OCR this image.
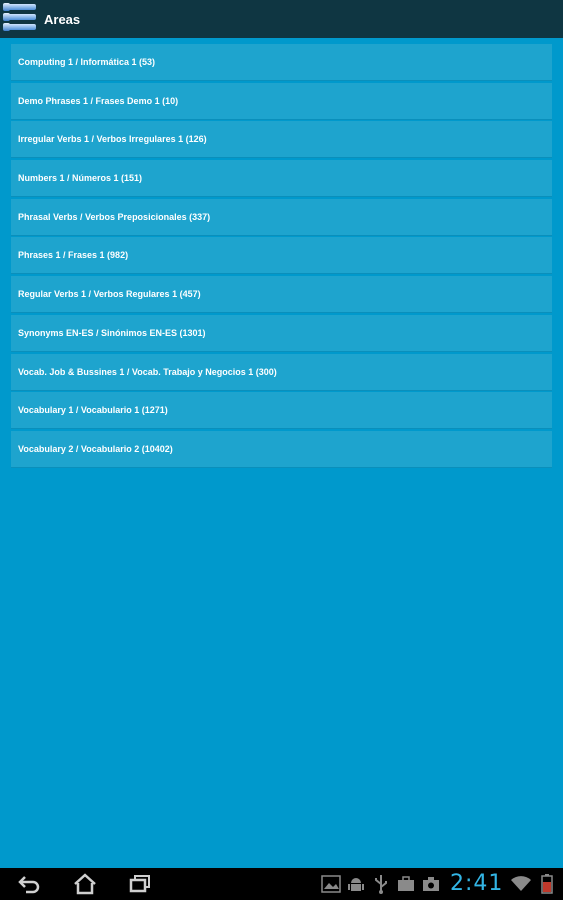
Areas
Computing 1 / Informática 1 (53)
Demo Phrases 1 / Frases Demo 1 (10)
Irregular Verbs 1 / Verbos Irregulares 1 (126)
Numbers 1 / Números 1 (151)
Phrasal Verbs / Verbos Preposicionales (337)
Phrases 1 / Frases 1 (982)
Regular Verbs 1 / Verbos Regulares 1 (457)
Synonyms EN-ES / Sinónimos EN-ES (1301)
Vocab. Job & Bussines 1 / Vocab. Trabajo y Negocios 1 (300)
Vocabulary 1 / Vocabulario 1 (1271)
Vocabulary 2 / Vocabulario 2 (10402)
2:41
